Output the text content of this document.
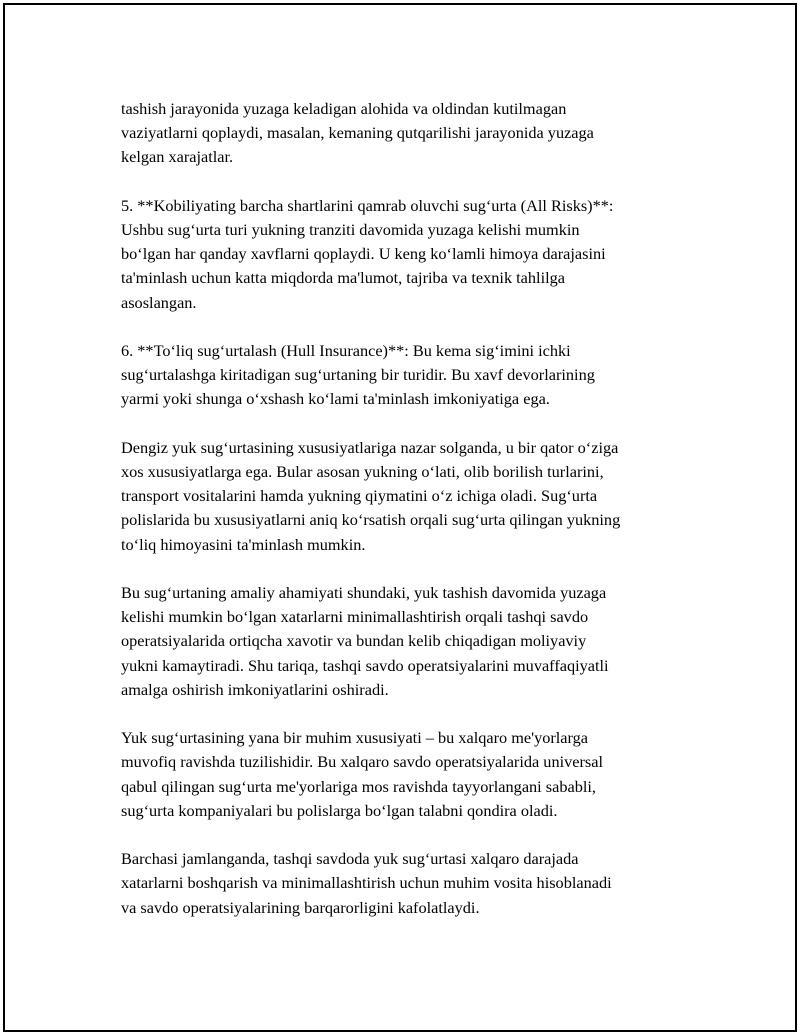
tashish jarayonida yuzaga keladigan alohida va oldindan kutilmagan
vaziyatlarni qoplaydi, masalan, kemaning qutqarilishi jarayonida yuzaga
kelgan xarajatlar.

5. **Kobiliyating barcha shartlarini qamrab oluvchi sug‘urta (All Risks)**:
Ushbu sug‘urta turi yukning tranziti davomida yuzaga kelishi mumkin
bo‘lgan har qanday xavflarni qoplaydi. U keng ko‘lamli himoya darajasini
ta'minlash uchun katta miqdorda ma'lumot, tajriba va texnik tahlilga
asoslangan.

6. **To‘liq sug‘urtalash (Hull Insurance)**: Bu kema sig‘imini ichki
sug‘urtalashga kiritadigan sug‘urtaning bir turidir. Bu xavf devorlarining
yarmi yoki shunga o‘xshash ko‘lami ta'minlash imkoniyatiga ega.

Dengiz yuk sug‘urtasining xususiyatlariga nazar solganda, u bir qator o‘ziga
xos xususiyatlarga ega. Bular asosan yukning o‘lati, olib borilish turlarini,
transport vositalarini hamda yukning qiymatini o‘z ichiga oladi. Sug‘urta
polislarida bu xususiyatlarni aniq ko‘rsatish orqali sug‘urta qilingan yukning
to‘liq himoyasini ta'minlash mumkin.

Bu sug‘urtaning amaliy ahamiyati shundaki, yuk tashish davomida yuzaga
kelishi mumkin bo‘lgan xatarlarni minimallashtirish orqali tashqi savdo
operatsiyalarida ortiqcha xavotir va bundan kelib chiqadigan moliyaviy
yukni kamaytiradi. Shu tariqa, tashqi savdo operatsiyalarini muvaffaqiyatli
amalga oshirish imkoniyatlarini oshiradi.

Yuk sug‘urtasining yana bir muhim xususiyati – bu xalqaro me'yorlarga
muvofiq ravishda tuzilishidir. Bu xalqaro savdo operatsiyalarida universal
qabul qilingan sug‘urta me'yorlariga mos ravishda tayyorlangani sababli,
sug‘urta kompaniyalari bu polislarga bo‘lgan talabni qondira oladi.

Barchasi jamlanganda, tashqi savdoda yuk sug‘urtasi xalqaro darajada
xatarlarni boshqarish va minimallashtirish uchun muhim vosita hisoblanadi
va savdo operatsiyalarining barqarorligini kafolatlaydi.
